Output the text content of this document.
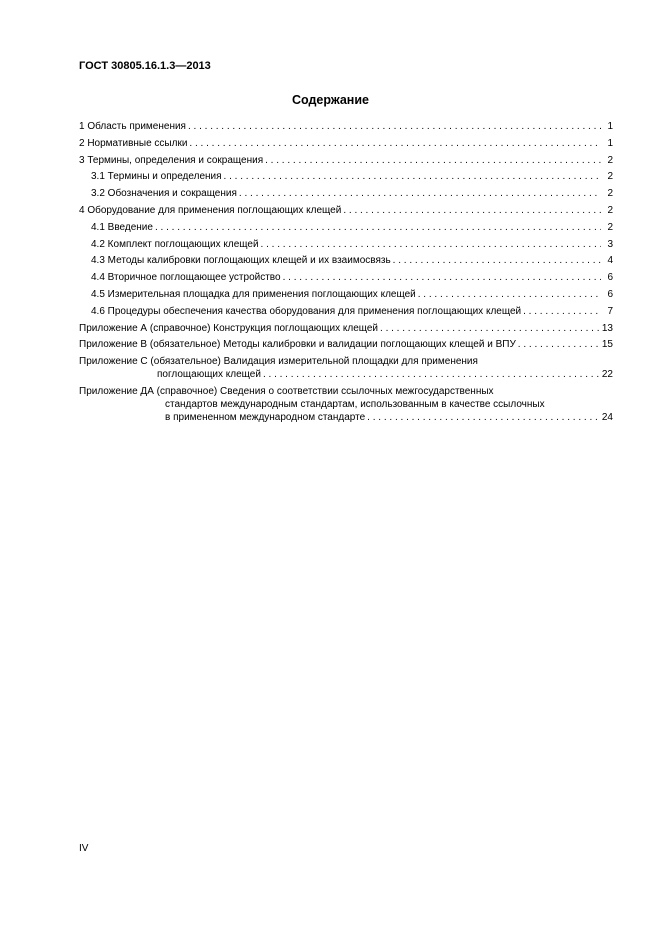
ГОСТ 30805.16.1.3—2013
Содержание
1 Область применения . . .	1
2 Нормативные ссылки . . .	1
3 Термины, определения и сокращения . . .	2
3.1 Термины и определения . . .	2
3.2 Обозначения и сокращения . . .	2
4 Оборудование для применения поглощающих клещей . . .	2
4.1 Введение . . .	2
4.2 Комплект поглощающих клещей . . .	3
4.3 Методы калибровки поглощающих клещей и их взаимосвязь . . .	4
4.4 Вторичное поглощающее устройство . . .	6
4.5 Измерительная площадка для применения поглощающих клещей . . .	6
4.6 Процедуры обеспечения качества оборудования для применения поглощающих клещей . . .	7
Приложение А (справочное) Конструкция поглощающих клещей . . .	13
Приложение В (обязательное) Методы калибровки и валидации поглощающих клещей и ВПУ . . .	15
Приложение С (обязательное) Валидация измерительной площадки для применения
поглощающих клещей . . .	22
Приложение ДА (справочное) Сведения о соответствии ссылочных межгосударственных
стандартов международным стандартам, использованным в качестве ссылочных
в примененном международном стандарте . . .	24
IV
